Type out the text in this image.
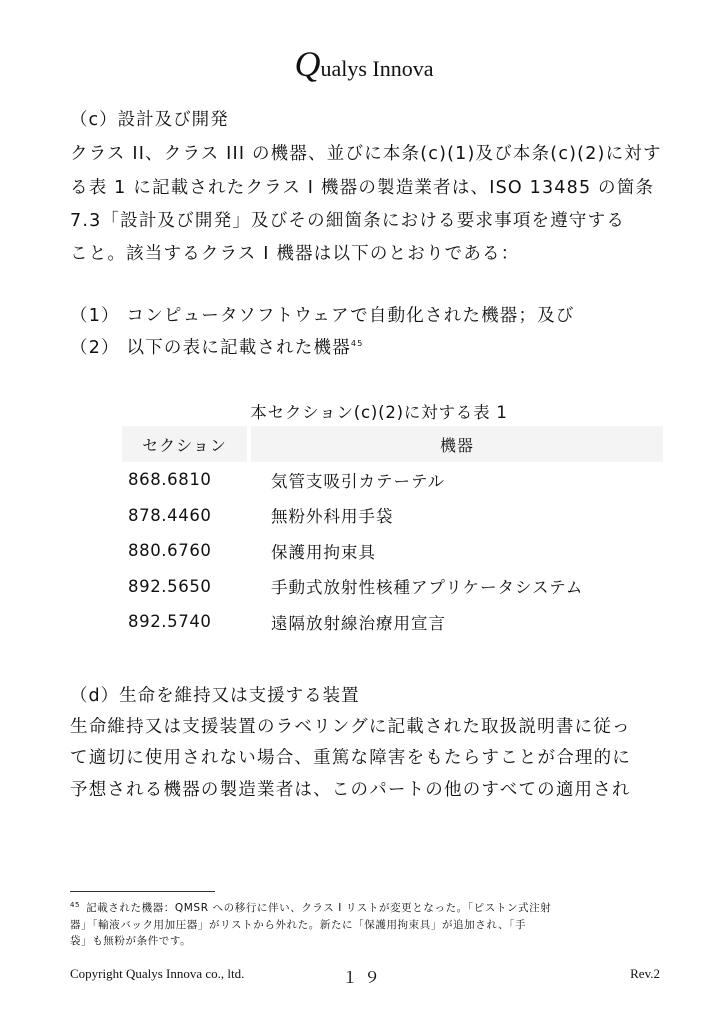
Qualys Innova
（c）設計及び開発
クラス II、クラス III の機器、並びに本条(c)(1)及び本条(c)(2)に対す
る表 1 に記載されたクラス I 機器の製造業者は、ISO 13485 の箇条
7.3「設計及び開発」及びその細箇条における要求事項を遵守する
こと。該当するクラス I 機器は以下のとおりである：
（1） コンピュータソフトウェアで自動化された機器；及び
（2） 以下の表に記載された機器$^{45}$
本セクション(c)(2)に対する表 1
セクション		機器
868.6810		気管支吸引カテーテル
878.4460		無粉外科用手袋
880.6760		保護用拘束具
892.5650		手動式放射性核種アプリケータシステム
892.5740		遠隔放射線治療用宣言
（d）生命を維持又は支援する装置
生命維持又は支援装置のラベリングに記載された取扱説明書に従っ
て適切に使用されない場合、重篤な障害をもたらすことが合理的に
予想される機器の製造業者は、このパートの他のすべての適用され
$^{45}$ 記載された機器：QMSR への移行に伴い、クラス I リストが変更となった。「ピストン式注射
器」「輸液バック用加圧器」がリストから外れた。新たに「保護用拘束具」が追加され、「手
袋」も無粉が条件です。
Copyright Qualys Innova co., ltd.	１９	Rev.2
